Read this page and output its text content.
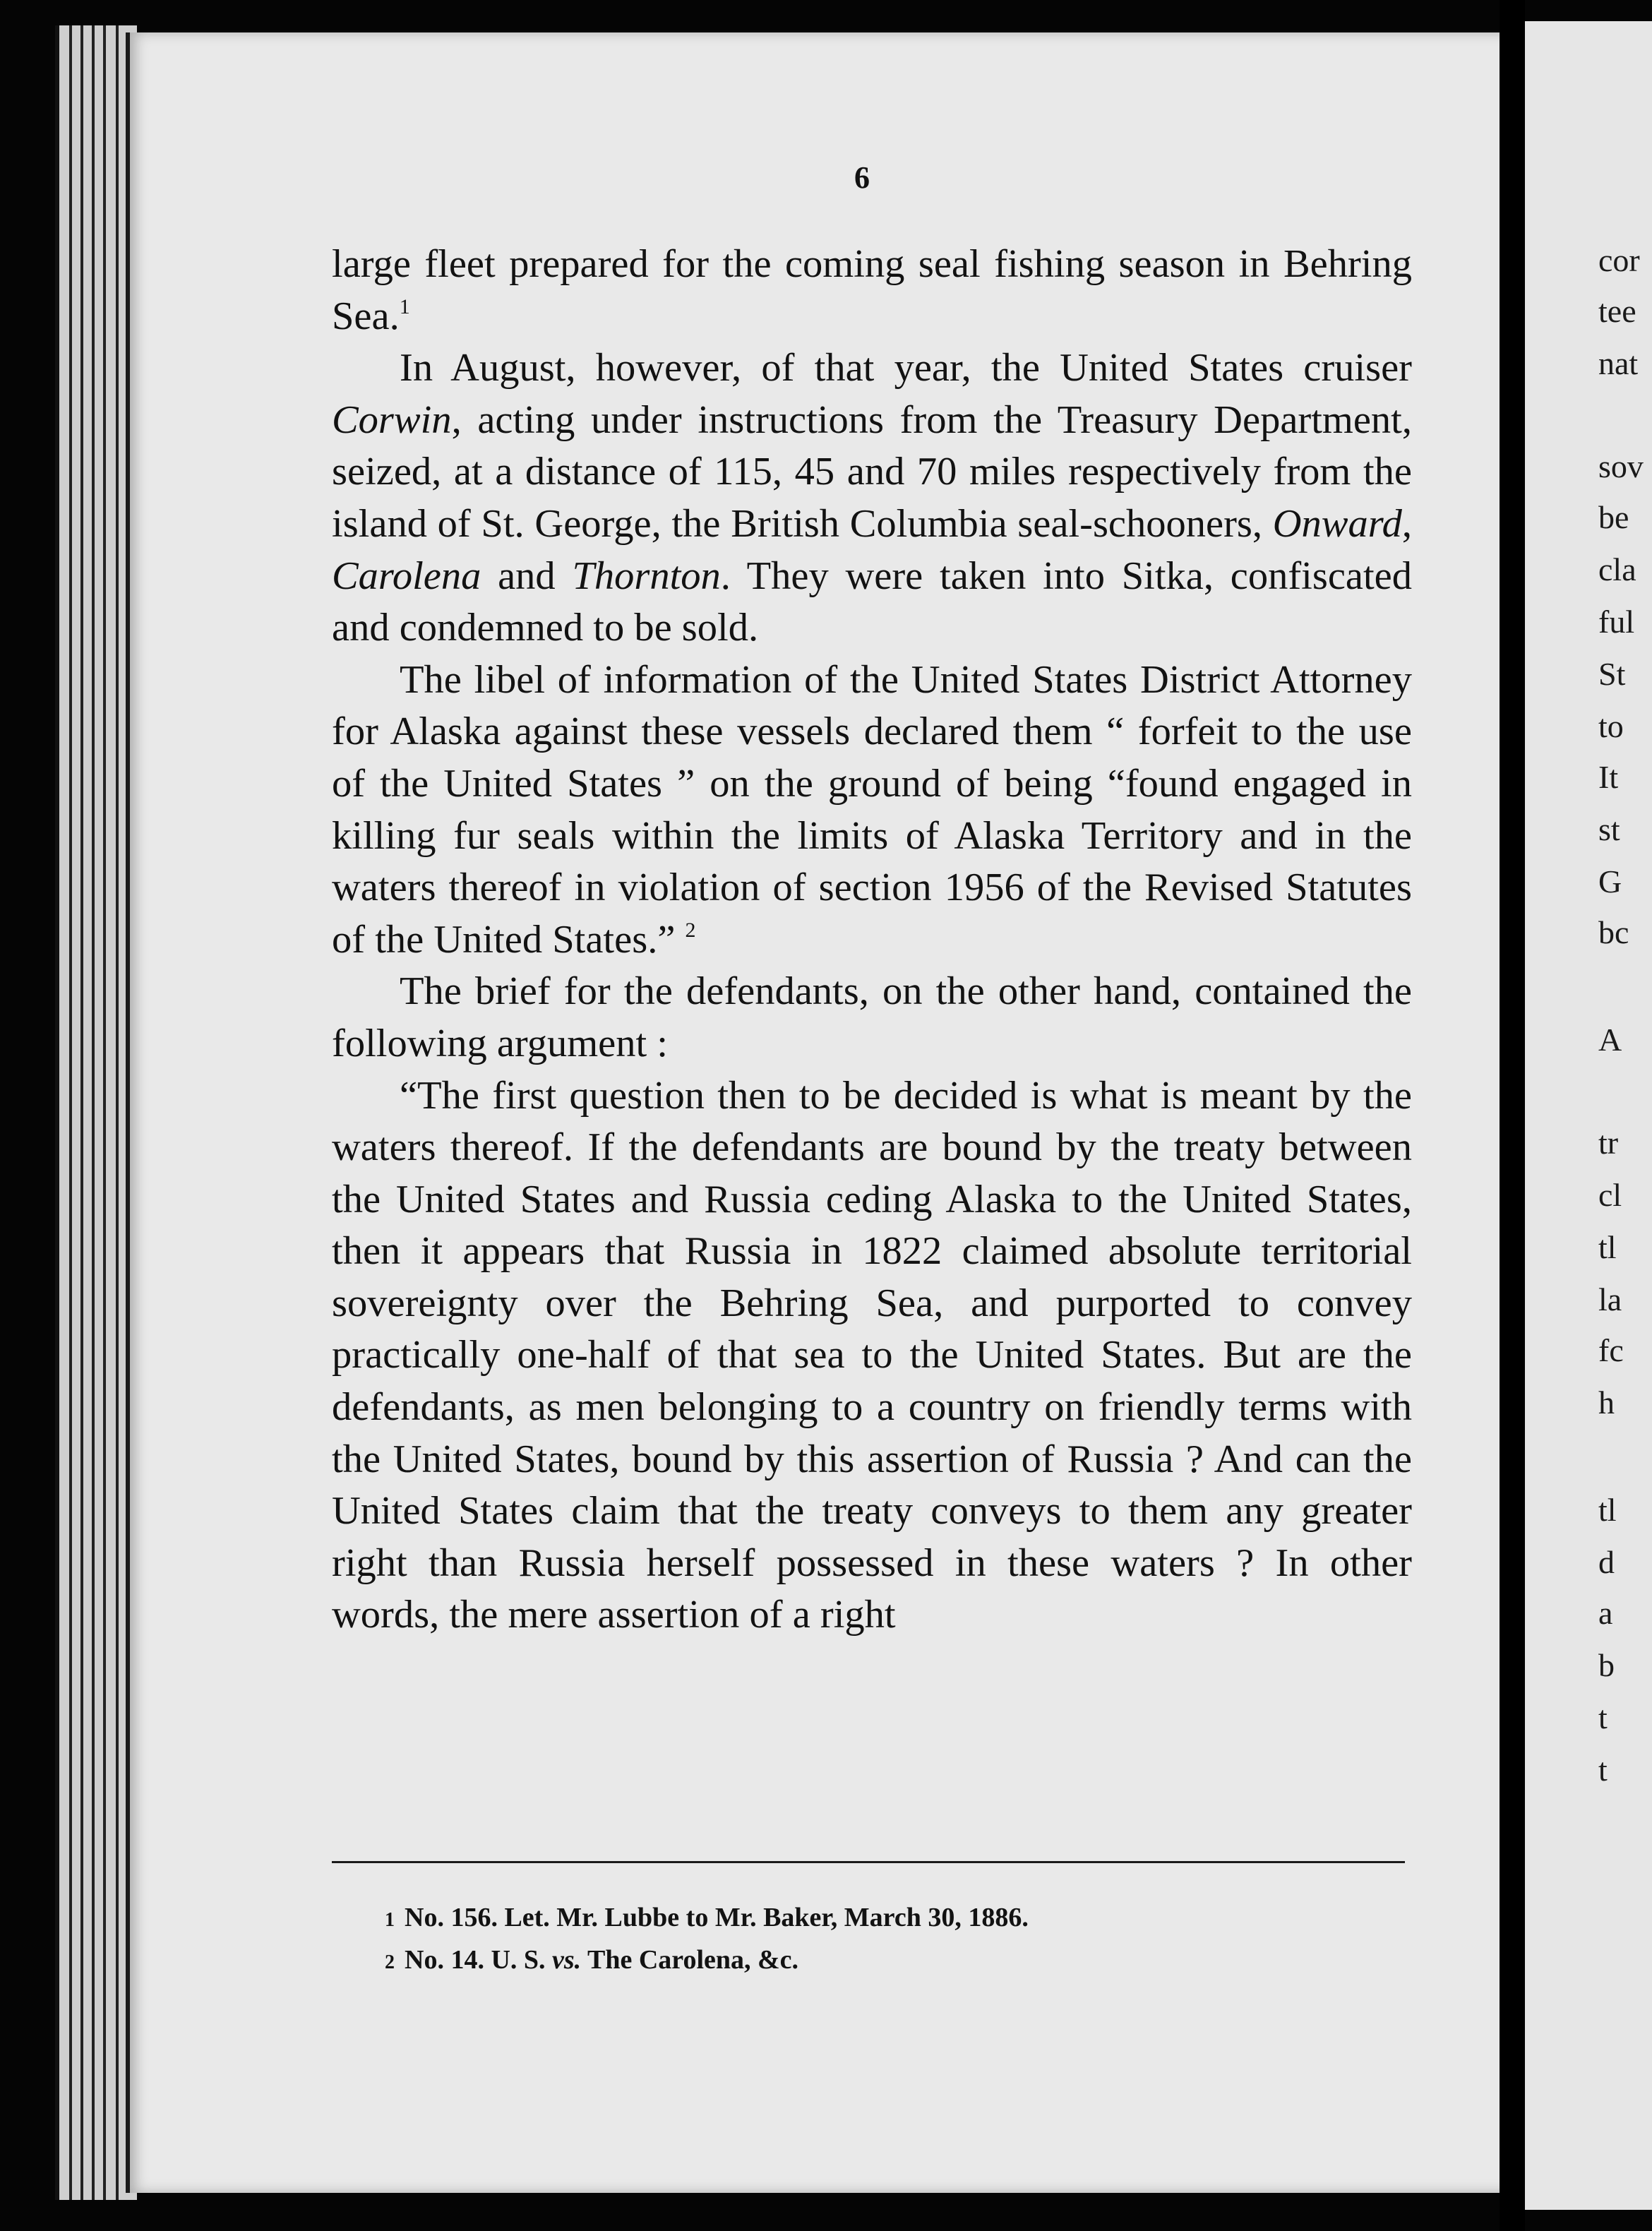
6

large fleet prepared for the coming seal fishing season in Behring Sea.$^1$

In August, however, of that year, the United States cruiser Corwin, acting under instructions from the Treasury Department, seized, at a distance of 115, 45 and 70 miles respectively from the island of St. George, the British Columbia seal-schooners, Onward, Carolena and Thornton. They were taken into Sitka, confiscated and condemned to be sold.

The libel of information of the United States District Attorney for Alaska against these vessels declared them “ forfeit to the use of the United States ” on the ground of being “found engaged in killing fur seals within the limits of Alaska Territory and in the waters thereof in violation of section 1956 of the Revised Statutes of the United States.” $^2$

The brief for the defendants, on the other hand, contained the following argument :

“The first question then to be decided is what is meant by the waters thereof. If the defendants are bound by the treaty between the United States and Russia ceding Alaska to the United States, then it appears that Russia in 1822 claimed absolute territorial sovereignty over the Behring Sea, and purported to convey practically one-half of that sea to the United States. But are the defendants, as men belonging to a country on friendly terms with the United States, bound by this assertion of Russia ? And can the United States claim that the treaty conveys to them any greater right than Russia herself possessed in these waters ? In other words, the mere assertion of a right

1 No. 156. Let. Mr. Lubbe to Mr. Baker, March 30, 1886.
2 No. 14. U. S. vs. The Carolena, &c.
cor
tee
nat
sov
be
cla
ful
St
to
It
st
G
bc
A
tr
cl
tl
la
fc
h
tl
d
a
b
t
t
